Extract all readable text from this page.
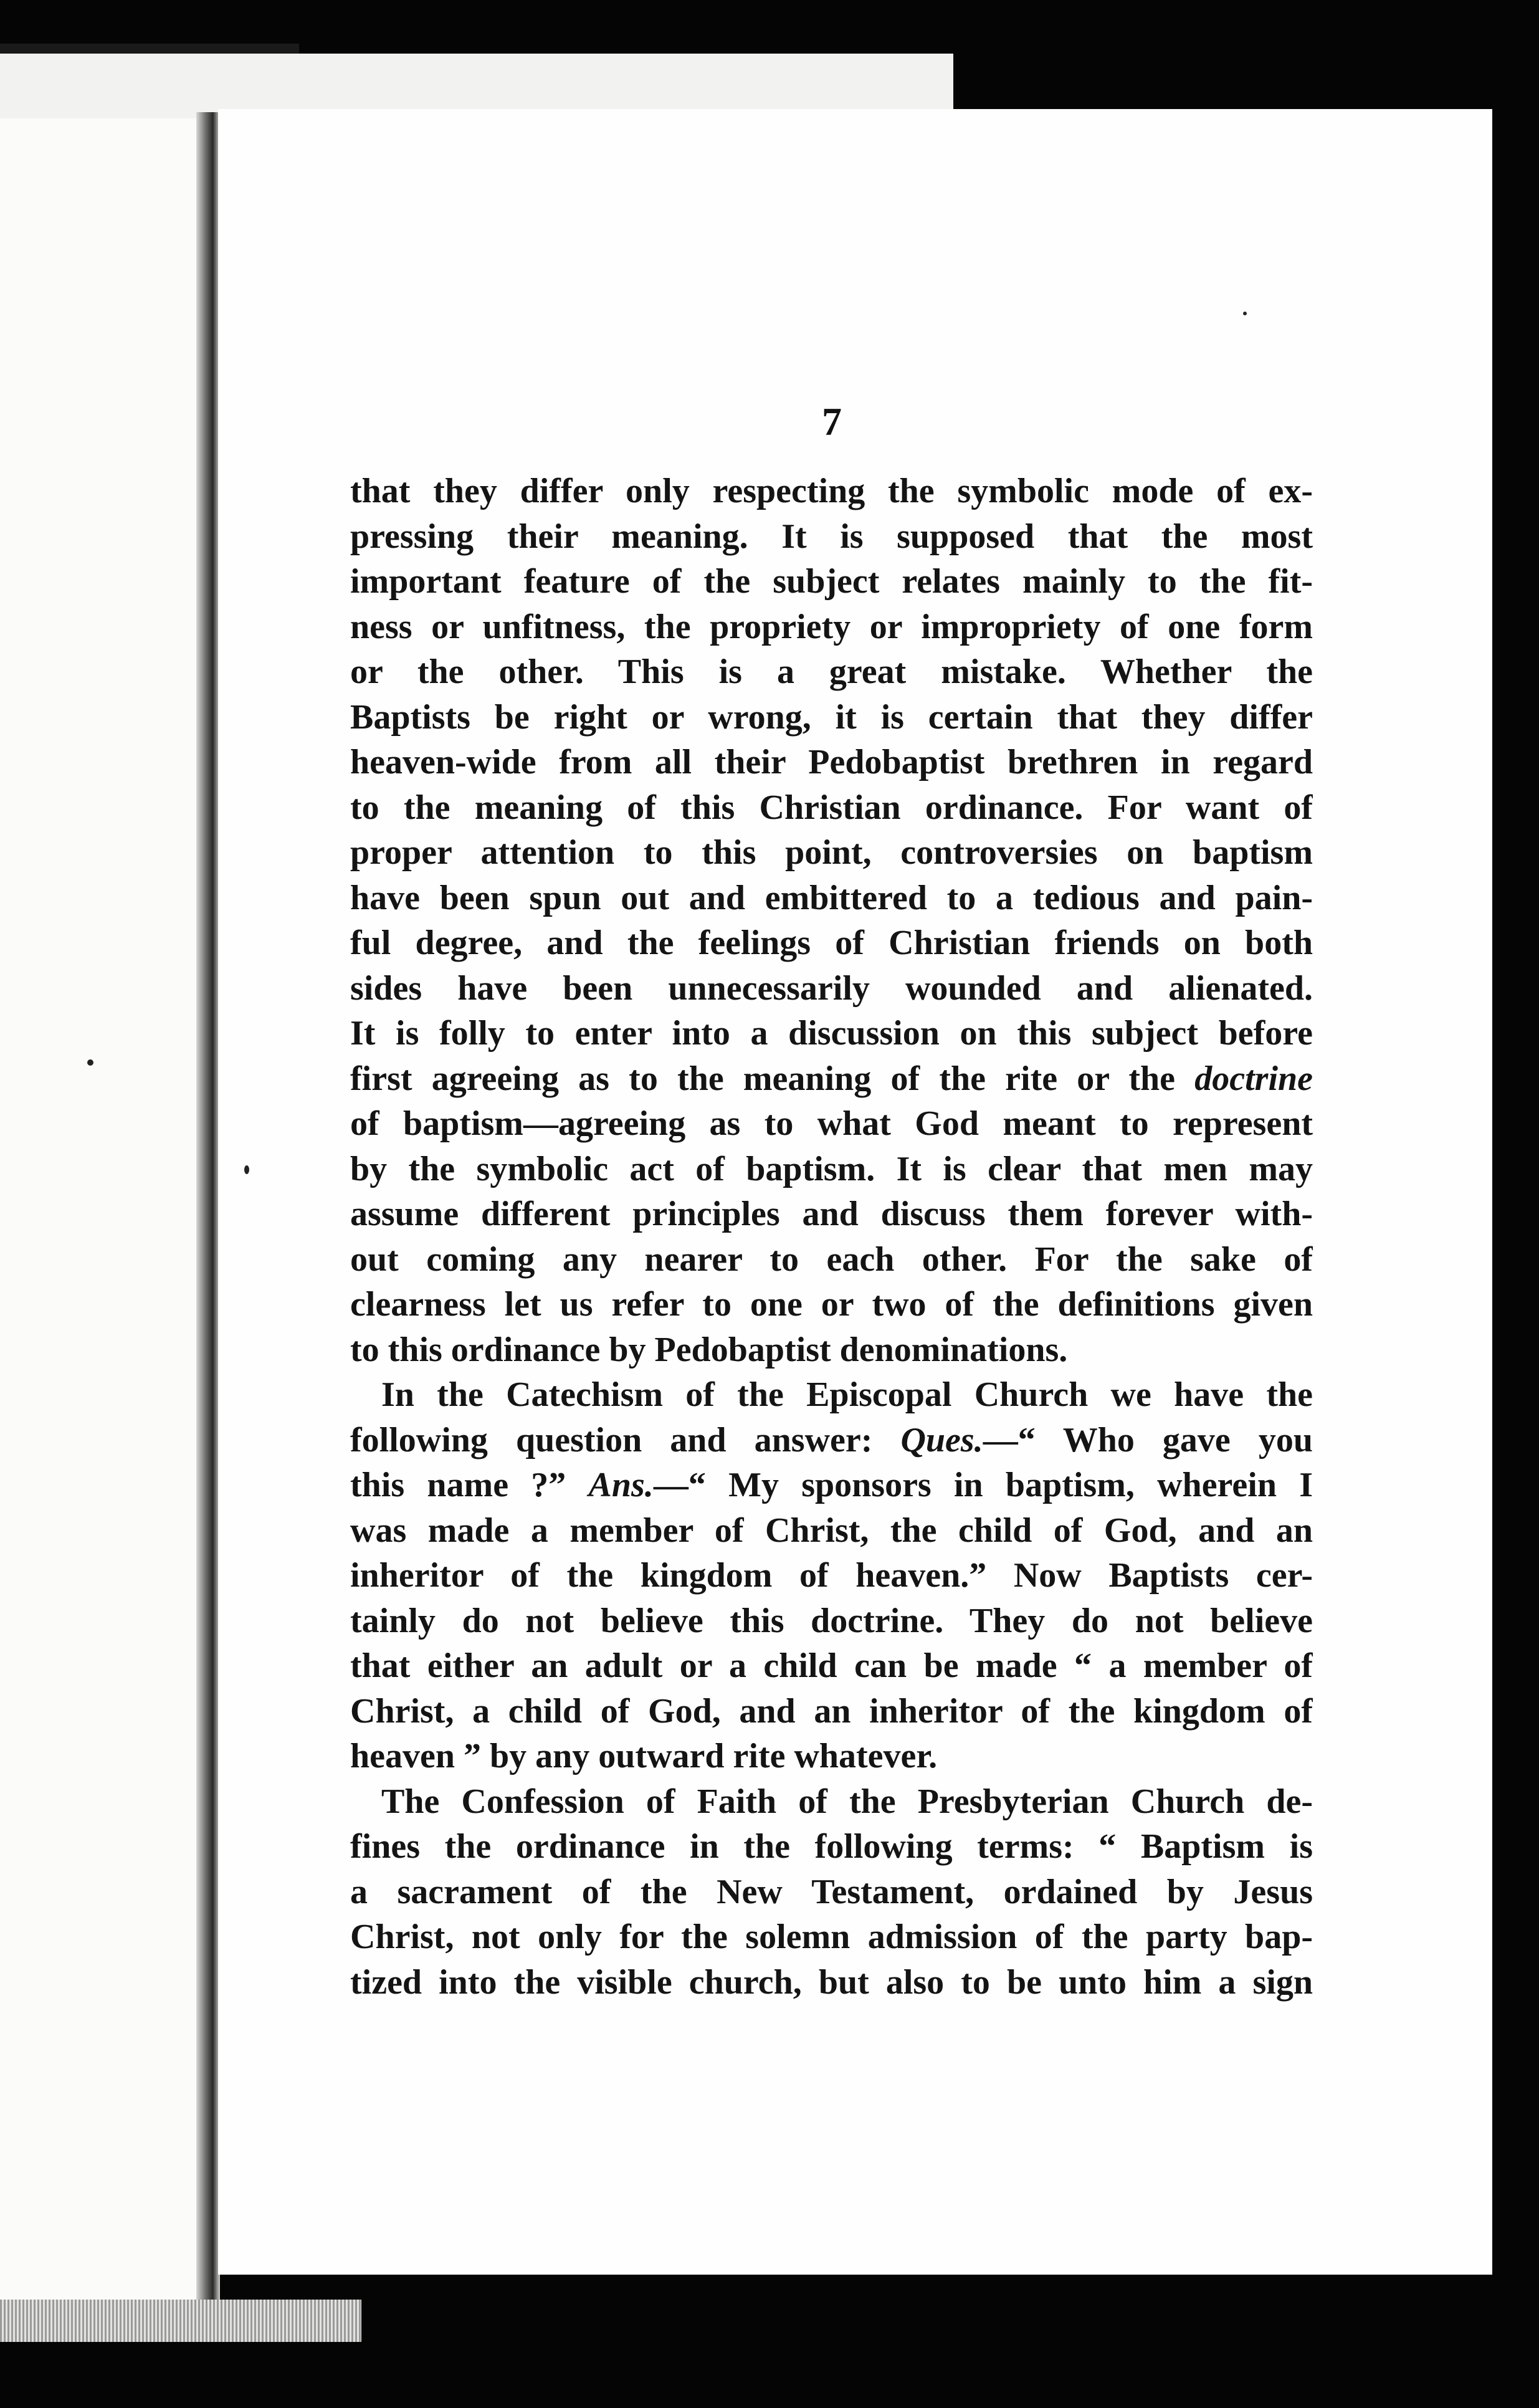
7
that they differ only respecting the symbolic mode of ex-
pressing their meaning. It is supposed that the most
important feature of the subject relates mainly to the fit-
ness or unfitness, the propriety or impropriety of one form
or the other. This is a great mistake. Whether the
Baptists be right or wrong, it is certain that they differ
heaven-wide from all their Pedobaptist brethren in regard
to the meaning of this Christian ordinance. For want of
proper attention to this point, controversies on baptism
have been spun out and embittered to a tedious and pain-
ful degree, and the feelings of Christian friends on both
sides have been unnecessarily wounded and alienated.
It is folly to enter into a discussion on this subject before
first agreeing as to the meaning of the rite or the doctrine
of baptism—agreeing as to what God meant to represent
by the symbolic act of baptism. It is clear that men may
assume different principles and discuss them forever with-
out coming any nearer to each other. For the sake of
clearness let us refer to one or two of the definitions given
to this ordinance by Pedobaptist denominations.
In the Catechism of the Episcopal Church we have the
following question and answer: Ques.—“ Who gave you
this name ?” Ans.—“ My sponsors in baptism, wherein I
was made a member of Christ, the child of God, and an
inheritor of the kingdom of heaven.” Now Baptists cer-
tainly do not believe this doctrine. They do not believe
that either an adult or a child can be made “ a member of
Christ, a child of God, and an inheritor of the kingdom of
heaven ” by any outward rite whatever.
The Confession of Faith of the Presbyterian Church de-
fines the ordinance in the following terms: “ Baptism is
a sacrament of the New Testament, ordained by Jesus
Christ, not only for the solemn admission of the party bap-
tized into the visible church, but also to be unto him a sign
